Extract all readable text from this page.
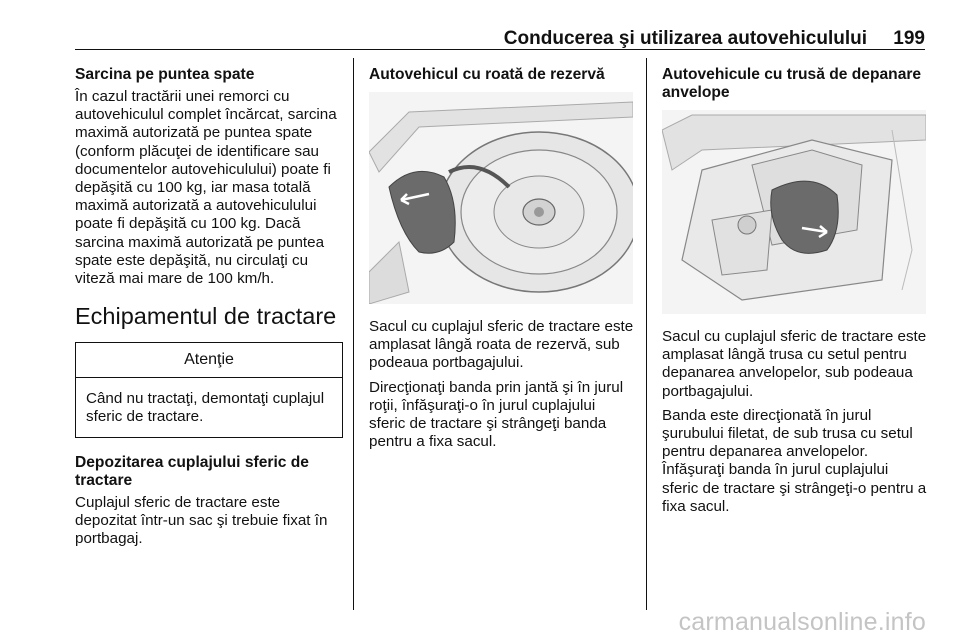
Conducerea şi utilizarea autovehiculului 199
Sarcina pe puntea spate

În cazul tractării unei remorci cu autovehiculul complet încărcat, sarcina maximă autorizată pe puntea spate (conform plăcuţei de identificare sau documentelor autovehiculului) poate fi depăşită cu 100 kg, iar masa totală maximă autorizată a autovehiculului poate fi depăşită cu 100 kg. Dacă sarcina maximă autorizată pe puntea spate este depăşită, nu circulaţi cu viteză mai mare de 100 km/h.

Echipamentul de tractare
Atenţie

Când nu tractaţi, demontaţi cuplajul sferic de tractare.

Depozitarea cuplajului sferic de tractare

Cuplajul sferic de tractare este depozitat într-un sac şi trebuie fixat în portbagaj.

Autovehicul cu roată de rezervă

Sacul cu cuplajul sferic de tractare este amplasat lângă roata de rezervă, sub podeaua portbagajului.

Direcţionaţi banda prin jantă şi în jurul roţii, înfăşuraţi-o în jurul cuplajului sferic de tractare şi strângeţi banda pentru a fixa sacul.

Autovehicule cu trusă de depanare anvelope

Sacul cu cuplajul sferic de tractare este amplasat lângă trusa cu setul pentru depanarea anvelopelor, sub podeaua portbagajului.

Banda este direcţionată în jurul şurubului filetat, de sub trusa cu setul pentru depanarea anvelopelor. Înfăşuraţi banda în jurul cuplajului sferic de tractare şi strângeţi-o pentru a fixa sacul.

carmanualsonline.info
